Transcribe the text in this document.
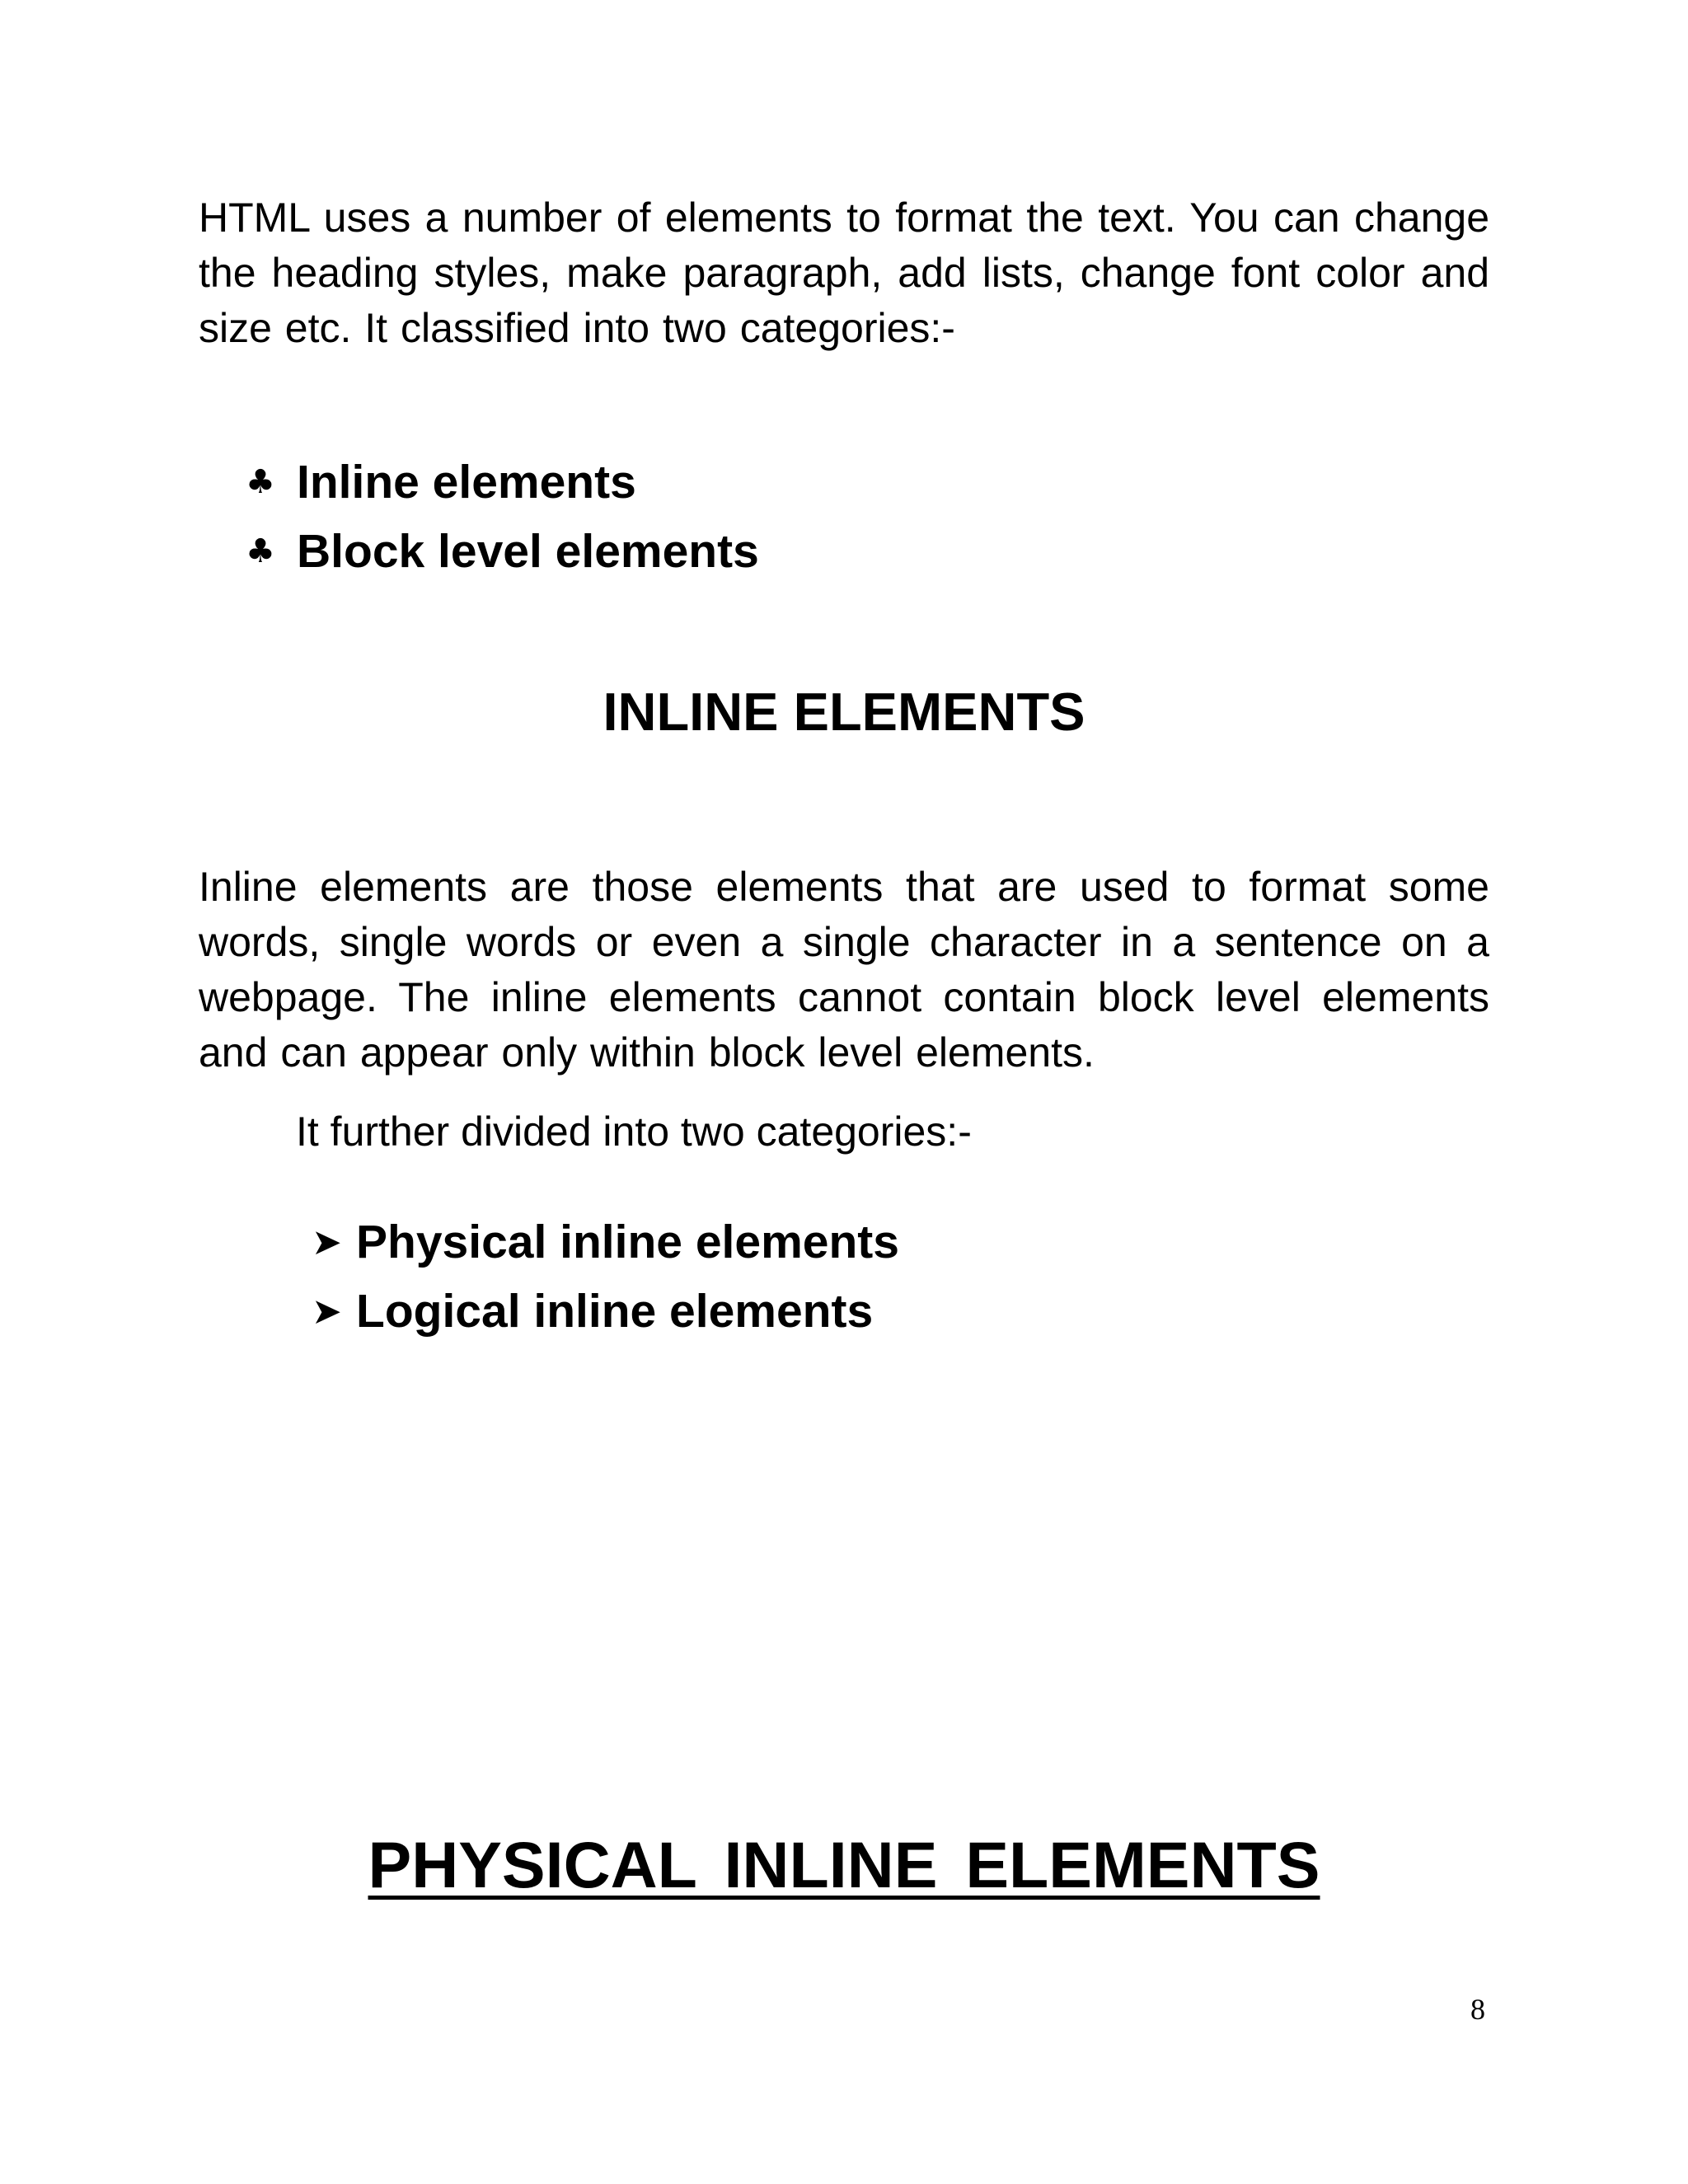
HTML uses a number of elements to format the text. You can change the heading styles, make paragraph, add lists, change font color and size etc. It classified into two categories:-

♣ Inline elements
♣ Block level elements
INLINE ELEMENTS

Inline elements are those elements that are used to format some words, single words or even a single character in a sentence on a webpage. The inline elements cannot contain block level elements and can appear only within block level elements.

It further divided into two categories:-

➤ Physical inline elements
➤ Logical inline elements
PHYSICAL INLINE ELEMENTS

8
